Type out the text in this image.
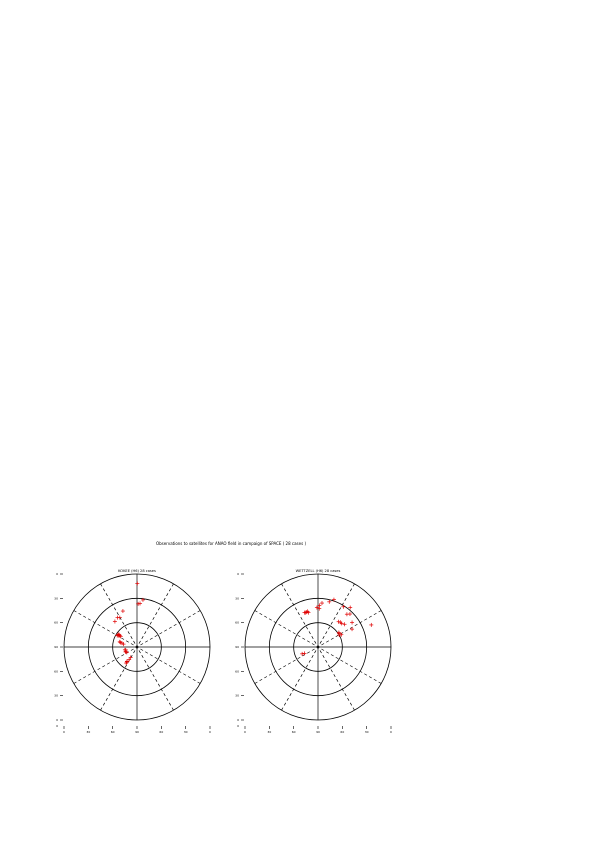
Observations to satellites for ANAO field in campaign of SPACE ( 28 cases )
KOKEE (H6) 28 cases
0
30
60
90
60
30
0
0	30	60	90	60	30	0
0
WETTZELL (H6) 28 cases
0
30
60
90
60
30
0
0	30	60	90	60	30	0
0
